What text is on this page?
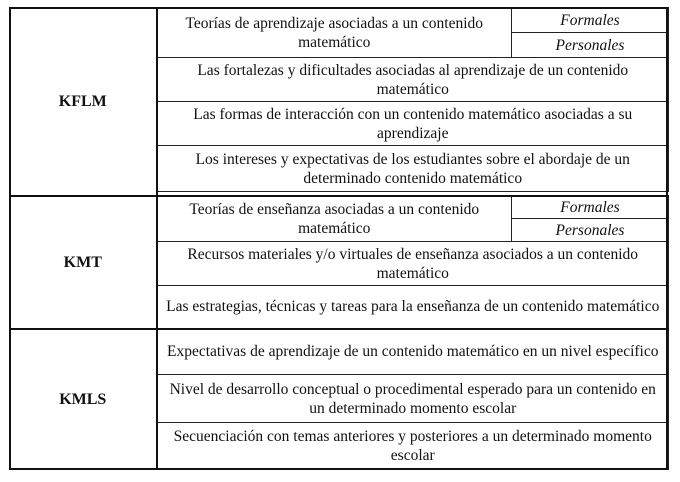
KFLM	Teorías de aprendizaje asociadas a un contenido matemático	Formales
		Personales
	Las fortalezas y dificultades asociadas al aprendizaje de un contenido matemático	
	Las formas de interacción con un contenido matemático asociadas a su aprendizaje	
	Los intereses y expectativas de los estudiantes sobre el abordaje de un determinado contenido matemático	

KMT	Teorías de enseñanza asociadas a un contenido matemático	Formales
		Personales
	Recursos materiales y/o virtuales de enseñanza asociados a un contenido matemático	
	Las estrategias, técnicas y tareas para la enseñanza de un contenido matemático	
KMLS	Expectativas de aprendizaje de un contenido matemático en un nivel específico	
	Nivel de desarrollo conceptual o procedimental esperado para un contenido en un determinado momento escolar	
	Secuenciación con temas anteriores y posteriores a un determinado momento escolar	
